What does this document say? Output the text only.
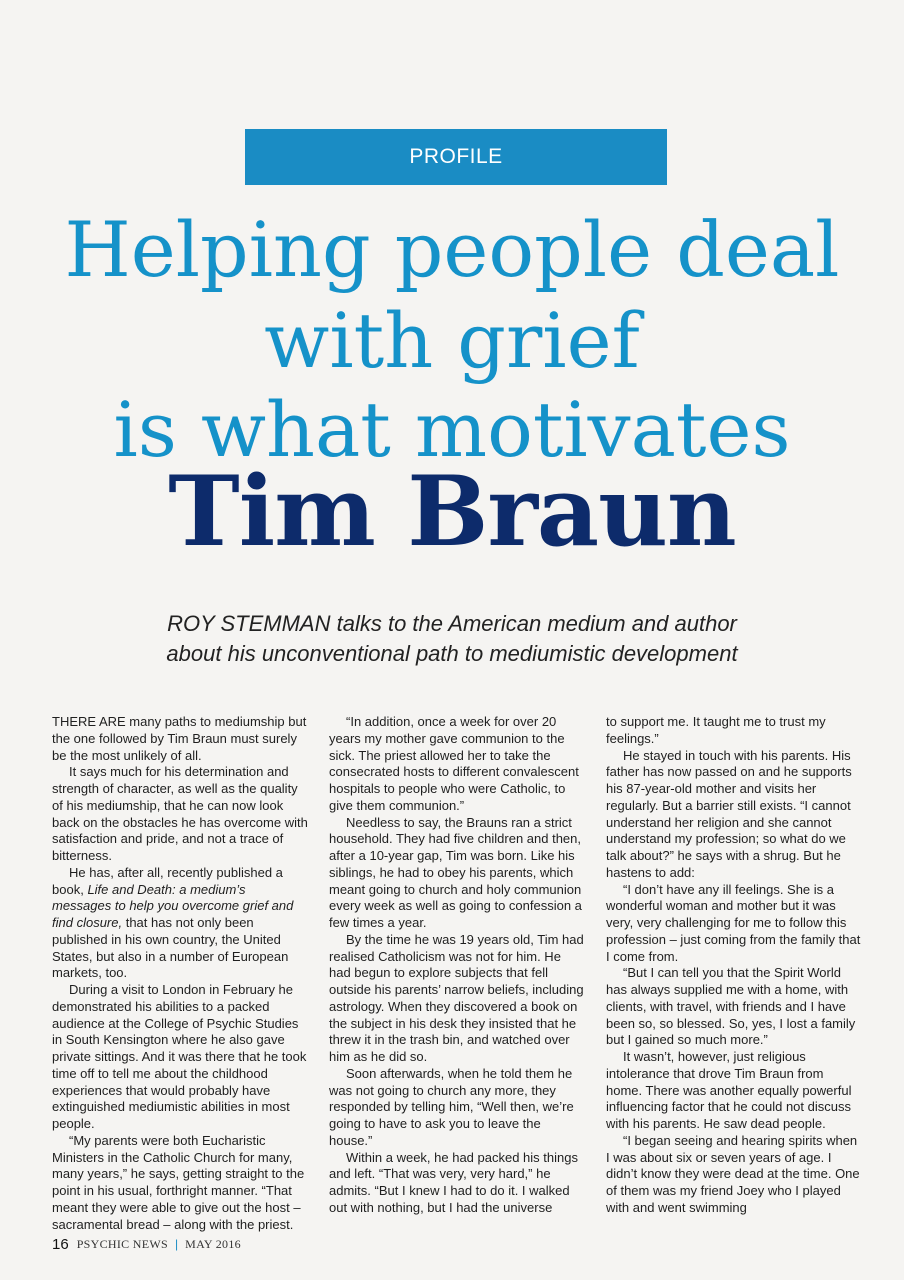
PROFILE
Helping people deal
with grief
is what motivates
Tim Braun
ROY STEMMAN talks to the American medium and author
about his unconventional path to mediumistic development

THERE ARE many paths to mediumship but the one followed by Tim Braun must surely be the most unlikely of all.

It says much for his determination and strength of character, as well as the quality of his mediumship, that he can now look back on the obstacles he has overcome with satisfaction and pride, and not a trace of bitterness.

He has, after all, recently published a book, Life and Death: a medium’s messages to help you overcome grief and find closure, that has not only been published in his own country, the United States, but also in a number of European markets, too.

During a visit to London in February he demonstrated his abilities to a packed audience at the College of Psychic Studies in South Kensington where he also gave private sittings. And it was there that he took time off to tell me about the childhood experiences that would probably have extinguished mediumistic abilities in most people.

“My parents were both Eucharistic Ministers in the Catholic Church for many, many years,” he says, getting straight to the point in his usual, forthright manner. “That meant they were able to give out the host – sacramental bread – along with the priest.

“In addition, once a week for over 20 years my mother gave communion to the sick. The priest allowed her to take the consecrated hosts to different convalescent hospitals to people who were Catholic, to give them communion.”

Needless to say, the Brauns ran a strict household. They had five children and then, after a 10-year gap, Tim was born. Like his siblings, he had to obey his parents, which meant going to church and holy communion every week as well as going to confession a few times a year.

By the time he was 19 years old, Tim had realised Catholicism was not for him. He had begun to explore subjects that fell outside his parents’ narrow beliefs, including astrology. When they discovered a book on the subject in his desk they insisted that he threw it in the trash bin, and watched over him as he did so.

Soon afterwards, when he told them he was not going to church any more, they responded by telling him, “Well then, we’re going to have to ask you to leave the house.”

Within a week, he had packed his things and left. “That was very, very hard,” he admits. “But I knew I had to do it. I walked out with nothing, but I had the universe

to support me. It taught me to trust my feelings.”

He stayed in touch with his parents. His father has now passed on and he supports his 87-year-old mother and visits her regularly. But a barrier still exists. “I cannot understand her religion and she cannot understand my profession; so what do we talk about?” he says with a shrug. But he hastens to add:

“I don’t have any ill feelings. She is a wonderful woman and mother but it was very, very challenging for me to follow this profession – just coming from the family that I come from.

“But I can tell you that the Spirit World has always supplied me with a home, with clients, with travel, with friends and I have been so, so blessed. So, yes, I lost a family but I gained so much more.”

It wasn’t, however, just religious intolerance that drove Tim Braun from home. There was another equally powerful influencing factor that he could not discuss with his parents. He saw dead people.

“I began seeing and hearing spirits when I was about six or seven years of age. I didn’t know they were dead at the time. One of them was my friend Joey who I played with and went swimming

16 PSYCHIC NEWS | MAY 2016
